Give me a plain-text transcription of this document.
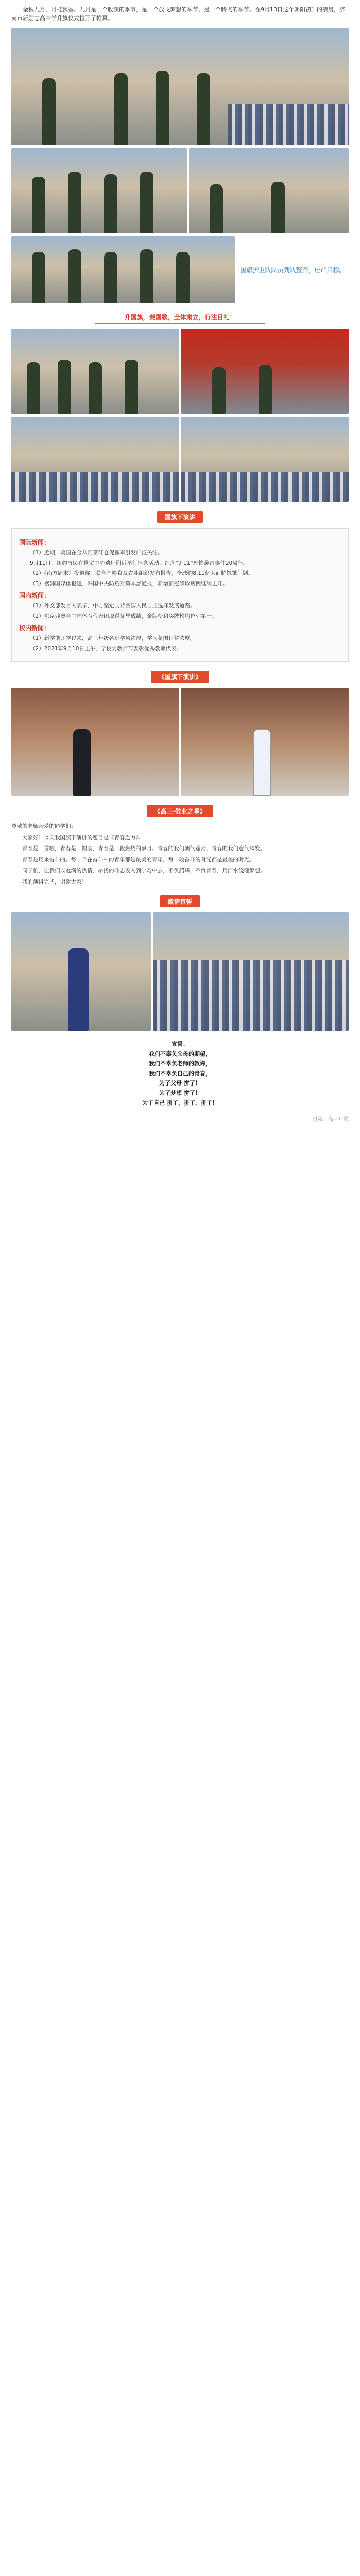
金秋九月，月桂飘香。九月是一个收获的季节，是一个放飞梦想的季节，是一个腾飞的季节。在9月13日这个朝阳初升的清晨，济南市新励志高中学升旗仪式拉开了帷幕。

国旗护卫队队员列队整齐，庄严肃穆。
升国旗，奏国歌，全体肃立，行注目礼！
国旗下演讲
国际新闻：

（1）近期，美国在金从阿富汗仓促撤军引发广泛关注。

9月11日，纽约市民在世贸中心遗址附近举行悼念活动，纪念“9·11”恐怖袭击事件20周年。

（2）《南方周末》报道称，联合国粮食及农业组织发布报告，全球约8.11亿人面临饥饿问题。

（3）据韩国媒体报道，韩国中央防疫对策本部通报，新增新冠确诊病例继续上升。

国内新闻：

（1）外交部发言人表示，中方坚定支持各国人民自主选择发展道路。

（2）东京残奥会中国体育代表团取得优异成绩，金牌榜和奖牌榜均位列第一。

校内新闻：

（1）新学期开学以来，高三年级各班学风浓厚，学习氛围日益浓厚。

（2）2021年9月10日上午，学校为教师节表彰优秀教师代表。

《国旗下演讲》
《高三·敬业之星》

尊敬的老师亲爱的同学们：

大家好！今天我国旗下演讲的题目是《青春之力》。

青春是一首歌，青春是一幅画，青春是一段燃烧的岁月。青春的我们朝气蓬勃，青春的我们意气风发。

青春是用来奋斗的。每一个在奋斗中的青年都是最美的青年，每一段奋斗的时光都是最美的时光。

同学们，让我们以饱满的热情、昂扬的斗志投入到学习中去，不负韶华，不负青春，用汗水浇灌梦想。

我的演讲完毕，谢谢大家！

激情宣誓
宣誓：
我们不辜负父母的期望，
我们不辜负老师的教诲，
我们不辜负自己的青春，
为了父母 拼了！
为了梦想 拼了！
为了自己 拼了，拼了，拼了！
供稿：高三年级
